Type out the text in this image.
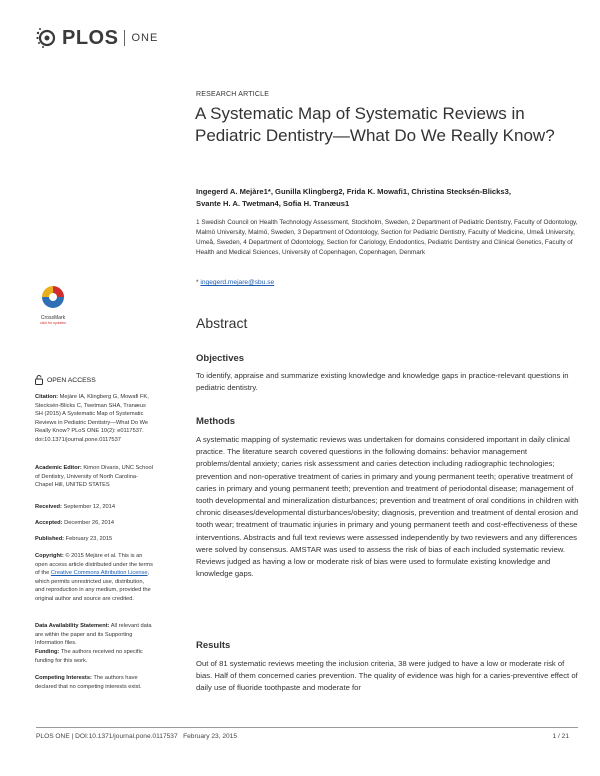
PLOS ONE
RESEARCH ARTICLE
A Systematic Map of Systematic Reviews in Pediatric Dentistry—What Do We Really Know?
Ingegerd A. Mejàre1*, Gunilla Klingberg2, Frida K. Mowafi1, Christina Stecksén-Blicks3,
Svante H. A. Twetman4, Sofia H. Tranæus1
1 Swedish Council on Health Technology Assessment, Stockholm, Sweden, 2 Department of Pediatric Dentistry, Faculty of Odontology, Malmö University, Malmö, Sweden, 3 Department of Odontology, Section for Pediatric Dentistry, Faculty of Medicine, Umeå University, Umeå, Sweden, 4 Department of Odontology, Section for Cariology, Endodontics, Pediatric Dentistry and Clinical Genetics, Faculty of Health and Medical Sciences, University of Copenhagen, Copenhagen, Denmark
* ingegerd.mejare@sbu.se
CrossMark
click for updates	Abstract
Objectives
To identify, appraise and summarize existing knowledge and knowledge gaps in practice-relevant questions in pediatric dentistry.
Methods
A systematic mapping of systematic reviews was undertaken for domains considered important in daily clinical practice. The literature search covered questions in the following domains: behavior management problems/dental anxiety; caries risk assessment and caries detection including radiographic technologies; prevention and non-operative treatment of caries in primary and young permanent teeth; operative treatment of caries in primary and young permanent teeth; prevention and treatment of periodontal disease; management of tooth developmental and mineralization disturbances; prevention and treatment of oral conditions in children with chronic diseases/developmental disturbances/obesity; diagnosis, prevention and treatment of dental erosion and tooth wear; treatment of traumatic injuries in primary and young permanent teeth and cost-effectiveness of these interventions. Abstracts and full text reviews were assessed independently by two reviewers and any differences were solved by consensus. AMSTAR was used to assess the risk of bias of each included systematic review. Reviews judged as having a low or moderate risk of bias were used to formulate existing knowledge and knowledge gaps.
Results
Out of 81 systematic reviews meeting the inclusion criteria, 38 were judged to have a low or moderate risk of bias. Half of them concerned caries prevention. The quality of evidence was high for a caries-preventive effect of daily use of fluoride toothpaste and moderate for
OPEN ACCESS
Citation: Mejàre IA, Klingberg G, Mowafi FK, Stecksén-Blicks C, Twetman SHA, Tranæus SH (2015) A Systematic Map of Systematic Reviews in Pediatric Dentistry—What Do We Really Know? PLoS ONE 10(2): e0117537. doi:10.1371/journal.pone.0117537
Academic Editor: Kimon Divaris, UNC School of Dentistry, University of North Carolina-Chapel Hill, UNITED STATES
Received: September 12, 2014
Accepted: December 26, 2014
Published: February 23, 2015
Copyright: © 2015 Mejàre et al. This is an open access article distributed under the terms of the Creative Commons Attribution License, which permits unrestricted use, distribution, and reproduction in any medium, provided the original author and source are credited.
Data Availability Statement: All relevant data are within the paper and its Supporting Information files.
Funding: The authors received no specific funding for this work.
Competing Interests: The authors have declared that no competing interests exist.
PLOS ONE | DOI:10.1371/journal.pone.0117537   February 23, 2015	1 / 21
